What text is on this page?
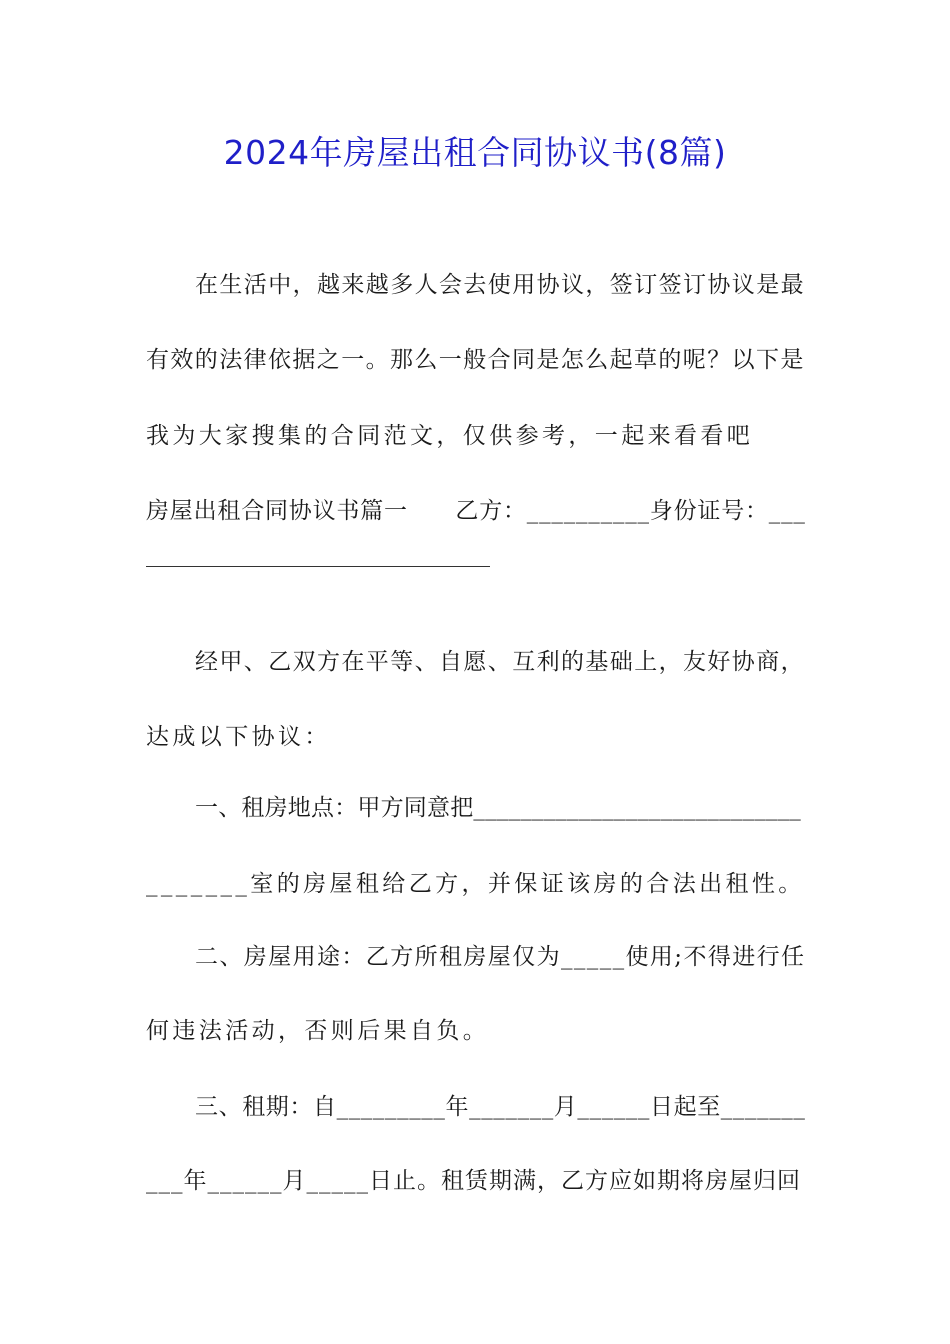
2024年房屋出租合同协议书(8篇)
在生活中，越来越多人会去使用协议，签订签订协议是最
有效的法律依据之一。那么一般合同是怎么起草的呢？以下是
我为大家搜集的合同范文，仅供参考，一起来看看吧
房屋出租合同协议书篇一　　乙方：__________身份证号：___
经甲、乙双方在平等、自愿、互利的基础上，友好协商，
达成以下协议：
一、租房地点：甲方同意把____________________________
_______室的房屋租给乙方，并保证该房的合法出租性。
二、房屋用途：乙方所租房屋仅为_____使用;不得进行任
何违法活动，否则后果自负。
三、租期：自_________年_______月______日起至_______
___年______月_____日止。租赁期满，乙方应如期将房屋归回
